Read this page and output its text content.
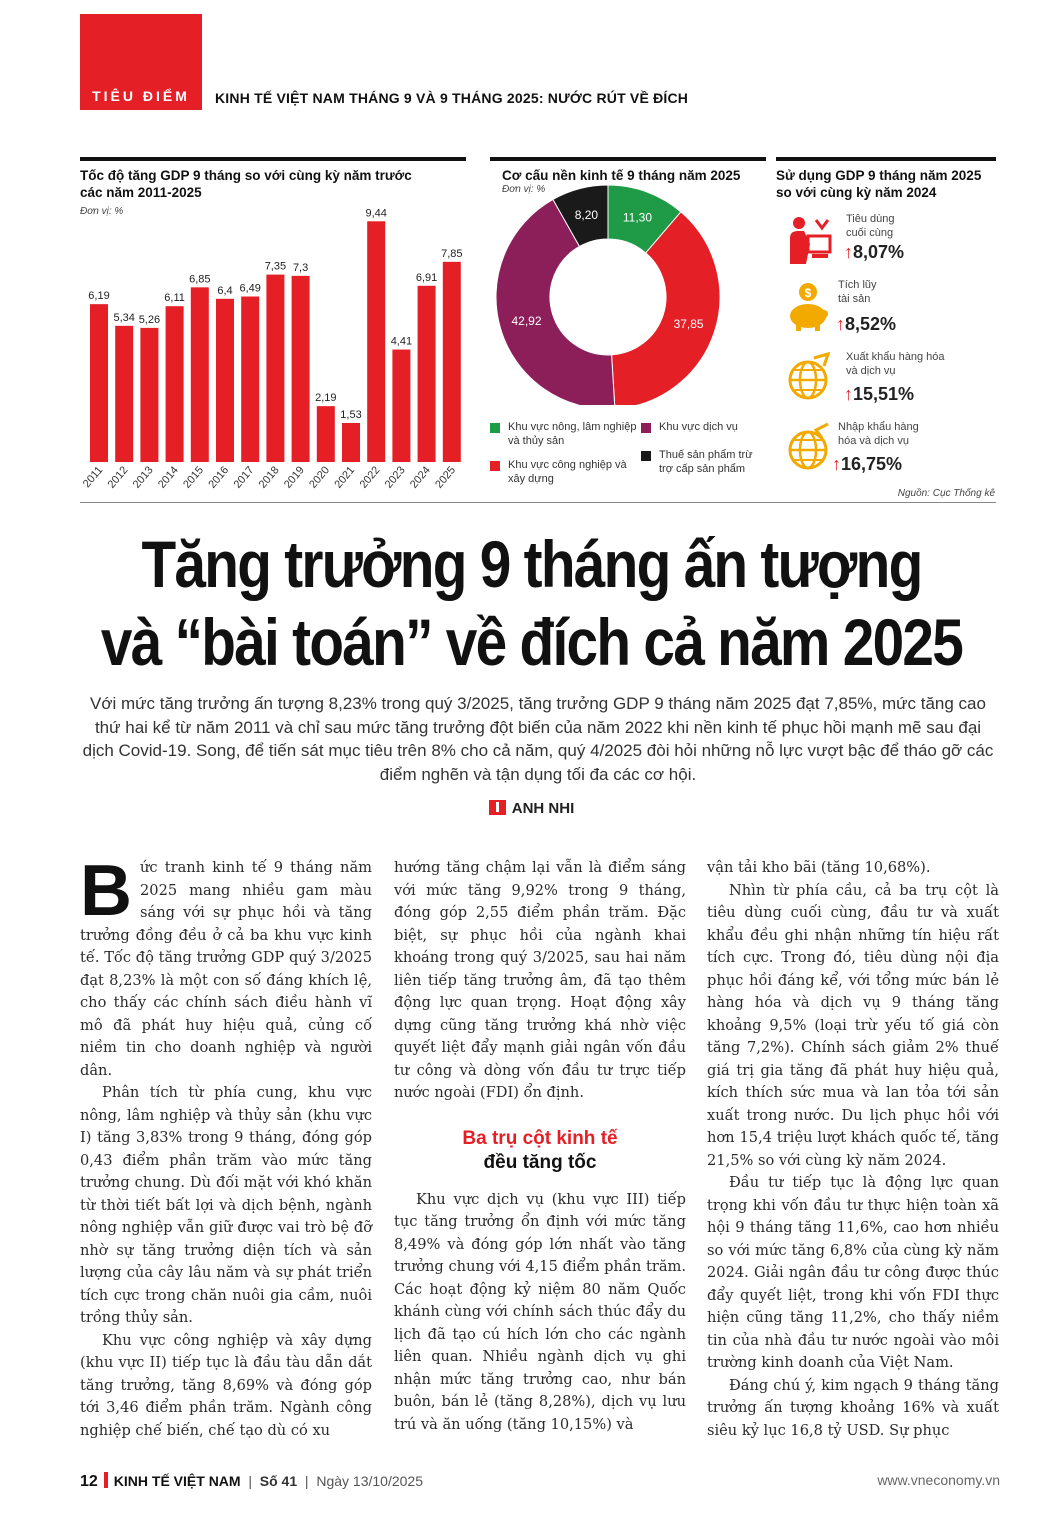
TIÊU ĐIỂM	KINH TẾ VIỆT NAM THÁNG 9 VÀ 9 THÁNG 2025: NƯỚC RÚT VỀ ĐÍCH
Tốc độ tăng GDP 9 tháng so với cùng kỳ năm trước
các năm 2011-2025
Đơn vị: %
6,19
2011
5,34
2012
5,26
2013
6,11
2014
6,85
2015
6,4
2016
6,49
2017
7,35
2018
7,3
2019
2,19
2020
1,53
2021
9,44
2022
4,41
2023
6,91
2024
7,85
2025
Cơ cấu nền kinh tế 9 tháng năm 2025
Đơn vị: %
11,30
37,85
42,92
8,20
Khu vực nông, lâm nghiệp và thủy sản
Khu vực công nghiệp và xây dựng
Khu vực dịch vụ
Thuế sản phẩm trừ trợ cấp sản phẩm
Sử dụng GDP 9 tháng năm 2025
so với cùng kỳ năm 2024
Tiêu dùng
cuối cùng
↑8,07%
$
Tích lũy
tài sản
↑8,52%
Xuất khẩu hàng hóa
và dịch vụ
↑15,51%
Nhập khẩu hàng
hóa và dịch vụ
↑16,75%
Nguồn: Cục Thống kê
Tăng trưởng 9 tháng ấn tượng
và “bài toán” về đích cả năm 2025
Với mức tăng trưởng ấn tượng 8,23% trong quý 3/2025, tăng trưởng GDP 9 tháng năm 2025 đạt 7,85%, mức tăng cao thứ hai kể từ năm 2011 và chỉ sau mức tăng trưởng đột biến của năm 2022 khi nền kinh tế phục hồi mạnh mẽ sau đại dịch Covid-19. Song, để tiến sát mục tiêu trên 8% cho cả năm, quý 4/2025 đòi hỏi những nỗ lực vượt bậc để tháo gỡ các điểm nghẽn và tận dụng tối đa các cơ hội.
ANH NHI

Bức tranh kinh tế 9 tháng năm 2025 mang nhiều gam màu sáng với sự phục hồi và tăng trưởng đồng đều ở cả ba khu vực kinh tế. Tốc độ tăng trưởng GDP quý 3/2025 đạt 8,23% là một con số đáng khích lệ, cho thấy các chính sách điều hành vĩ mô đã phát huy hiệu quả, củng cố niềm tin cho doanh nghiệp và người dân.

Phân tích từ phía cung, khu vực nông, lâm nghiệp và thủy sản (khu vực I) tăng 3,83% trong 9 tháng, đóng góp 0,43 điểm phần trăm vào mức tăng trưởng chung. Dù đối mặt với khó khăn từ thời tiết bất lợi và dịch bệnh, ngành nông nghiệp vẫn giữ được vai trò bệ đỡ nhờ sự tăng trưởng diện tích và sản lượng của cây lâu năm và sự phát triển tích cực trong chăn nuôi gia cầm, nuôi trồng thủy sản.

Khu vực công nghiệp và xây dựng (khu vực II) tiếp tục là đầu tàu dẫn dắt tăng trưởng, tăng 8,69% và đóng góp tới 3,46 điểm phần trăm. Ngành công nghiệp chế biến, chế tạo dù có xu

hướng tăng chậm lại vẫn là điểm sáng với mức tăng 9,92% trong 9 tháng, đóng góp 2,55 điểm phần trăm. Đặc biệt, sự phục hồi của ngành khai khoáng trong quý 3/2025, sau hai năm liên tiếp tăng trưởng âm, đã tạo thêm động lực quan trọng. Hoạt động xây dựng cũng tăng trưởng khá nhờ việc quyết liệt đẩy mạnh giải ngân vốn đầu tư công và dòng vốn đầu tư trực tiếp nước ngoài (FDI) ổn định.

Ba trụ cột kinh tế
đều tăng tốc

Khu vực dịch vụ (khu vực III) tiếp tục tăng trưởng ổn định với mức tăng 8,49% và đóng góp lớn nhất vào tăng trưởng chung với 4,15 điểm phần trăm. Các hoạt động kỷ niệm 80 năm Quốc khánh cùng với chính sách thúc đẩy du lịch đã tạo cú hích lớn cho các ngành liên quan. Nhiều ngành dịch vụ ghi nhận mức tăng trưởng cao, như bán buôn, bán lẻ (tăng 8,28%), dịch vụ lưu trú và ăn uống (tăng 10,15%) và

vận tải kho bãi (tăng 10,68%).

Nhìn từ phía cầu, cả ba trụ cột là tiêu dùng cuối cùng, đầu tư và xuất khẩu đều ghi nhận những tín hiệu rất tích cực. Trong đó, tiêu dùng nội địa phục hồi đáng kể, với tổng mức bán lẻ hàng hóa và dịch vụ 9 tháng tăng khoảng 9,5% (loại trừ yếu tố giá còn tăng 7,2%). Chính sách giảm 2% thuế giá trị gia tăng đã phát huy hiệu quả, kích thích sức mua và lan tỏa tới sản xuất trong nước. Du lịch phục hồi với hơn 15,4 triệu lượt khách quốc tế, tăng 21,5% so với cùng kỳ năm 2024.

Đầu tư tiếp tục là động lực quan trọng khi vốn đầu tư thực hiện toàn xã hội 9 tháng tăng 11,6%, cao hơn nhiều so với mức tăng 6,8% của cùng kỳ năm 2024. Giải ngân đầu tư công được thúc đẩy quyết liệt, trong khi vốn FDI thực hiện cũng tăng 11,2%, cho thấy niềm tin của nhà đầu tư nước ngoài vào môi trường kinh doanh của Việt Nam.

Đáng chú ý, kim ngạch 9 tháng tăng trưởng ấn tượng khoảng 16% và xuất siêu kỷ lục 16,8 tỷ USD. Sự phục

12 KINH TẾ VIỆT NAM | Số 41 | Ngày 13/10/2025	www.vneconomy.vn
